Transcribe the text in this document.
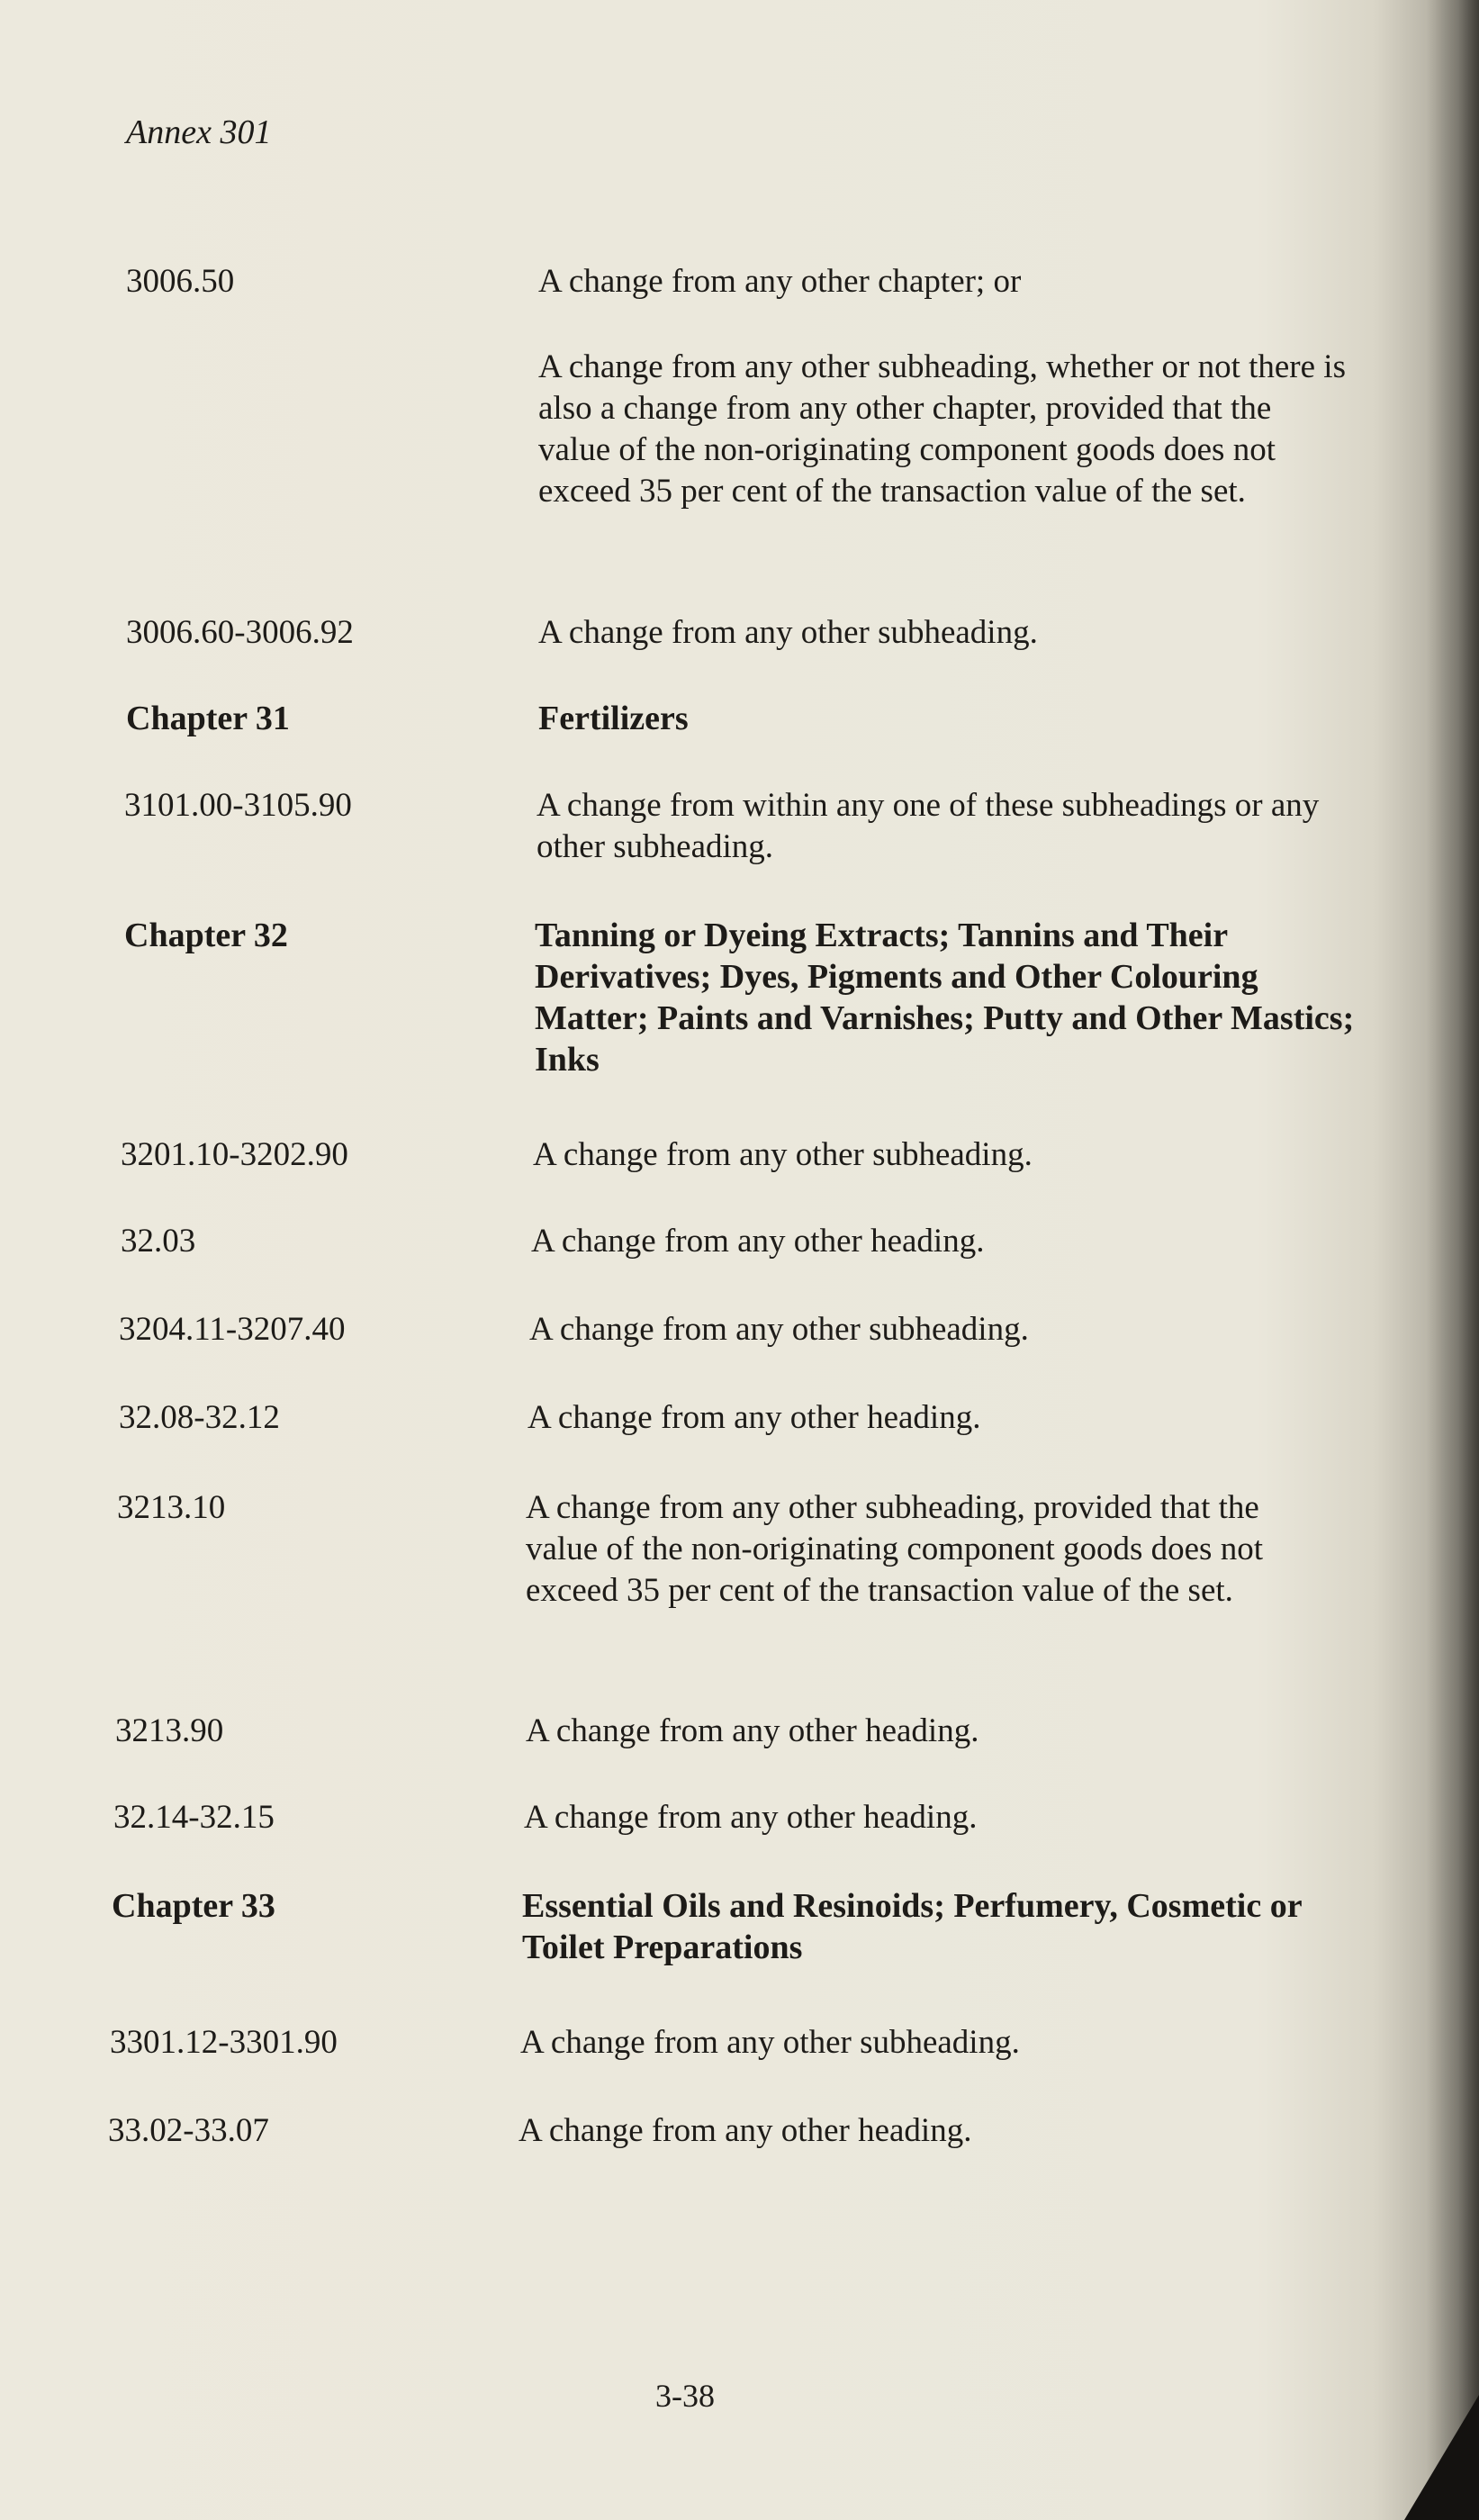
Annex 301
3006.50	A change from any other chapter; or
A change from any other subheading, whether or not there is also a change from any other chapter, provided that the value of the non-originating component goods does not exceed 35 per cent of the transaction value of the set.
3006.60-3006.92	A change from any other subheading.
Chapter 31	Fertilizers
3101.00-3105.90	A change from within any one of these subheadings or any other subheading.
Chapter 32	Tanning or Dyeing Extracts; Tannins and Their Derivatives; Dyes, Pigments and Other Colouring Matter; Paints and Varnishes; Putty and Other Mastics; Inks
3201.10-3202.90	A change from any other subheading.
32.03	A change from any other heading.
3204.11-3207.40	A change from any other subheading.
32.08-32.12	A change from any other heading.
3213.10	A change from any other subheading, provided that the value of the non-originating component goods does not exceed 35 per cent of the transaction value of the set.
3213.90	A change from any other heading.
32.14-32.15	A change from any other heading.
Chapter 33	Essential Oils and Resinoids; Perfumery, Cosmetic or Toilet Preparations
3301.12-3301.90	A change from any other subheading.
33.02-33.07	A change from any other heading.
3-38
